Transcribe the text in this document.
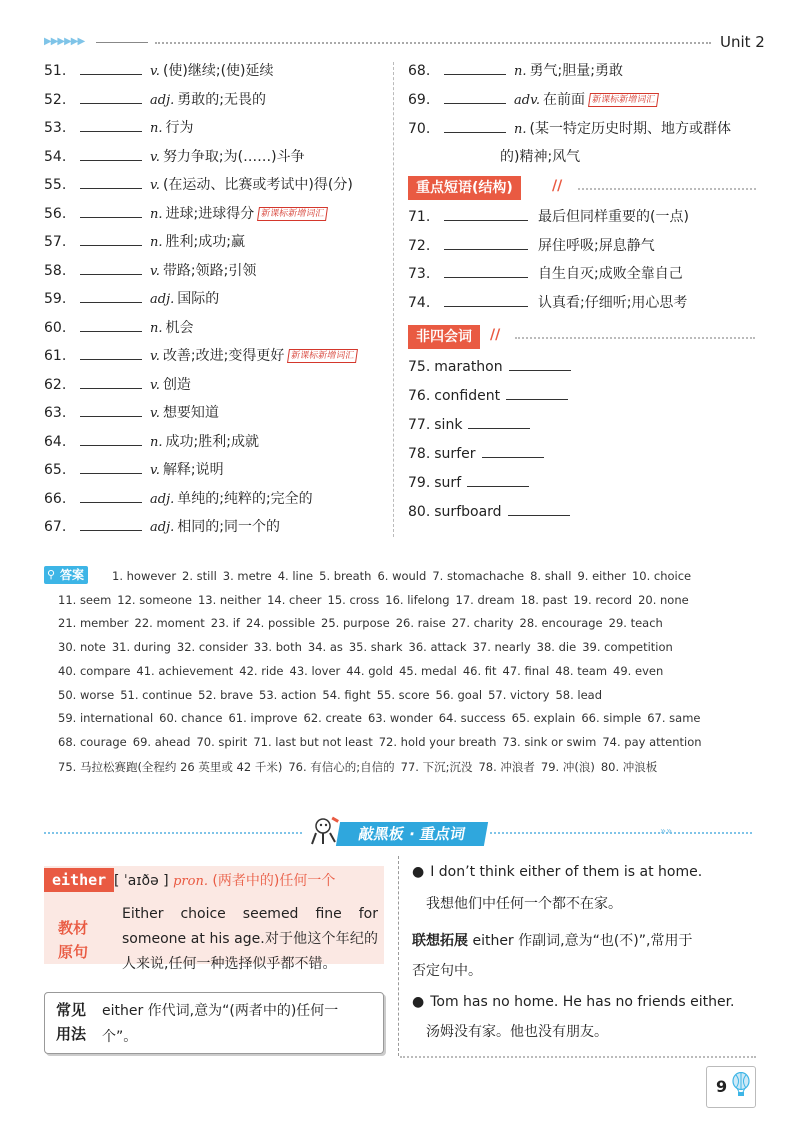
▶▶▶▶▶▶	Unit 2
51.	v. (使)继续;(使)延续
52.	adj. 勇敢的;无畏的
53.	n. 行为
54.	v. 努力争取;为(……)斗争
55.	v. (在运动、比赛或考试中)得(分)
56.	n. 进球;进球得分 新课标新增词汇
57.	n. 胜利;成功;赢
58.	v. 带路;领路;引领
59.	adj. 国际的
60.	n. 机会
61.	v. 改善;改进;变得更好 新课标新增词汇
62.	v. 创造
63.	v. 想要知道
64.	n. 成功;胜利;成就
65.	v. 解释;说明
66.	adj. 单纯的;纯粹的;完全的
67.	adj. 相同的;同一个的
68.	n. 勇气;胆量;勇敢
69.	adv. 在前面 新课标新增词汇
70.	n. (某一特定历史时期、地方或群体
的)精神;风气
重点短语(结构)	//
71.	最后但同样重要的(一点)
72.	屏住呼吸;屏息静气
73.	自生自灭;成败全靠自己
74.	认真看;仔细听;用心思考
非四会词	//
75. marathon
76. confident
77. sink
78. surfer
79. surf
80. surfboard
⚲ 答案	1. however 2. still 3. metre 4. line 5. breath 6. would 7. stomachache 8. shall 9. either 10. choice
11. seem 12. someone 13. neither 14. cheer 15. cross 16. lifelong 17. dream 18. past 19. record 20. none
21. member 22. moment 23. if 24. possible 25. purpose 26. raise 27. charity 28. encourage 29. teach
30. note 31. during 32. consider 33. both 34. as 35. shark 36. attack 37. nearly 38. die 39. competition
40. compare 41. achievement 42. ride 43. lover 44. gold 45. medal 46. fit 47. final 48. team 49. even
50. worse 51. continue 52. brave 53. action 54. fight 55. score 56. goal 57. victory 58. lead
59. international 60. chance 61. improve 62. create 63. wonder 64. success 65. explain 66. simple 67. same
68. courage 69. ahead 70. spirit 71. last but not least 72. hold your breath 73. sink or swim 74. pay attention
75. 马拉松赛跑(全程约 26 英里或 42 千米) 76. 有信心的;自信的 77. 下沉;沉没 78. 冲浪者 79. 冲(浪) 80. 冲浪板
敲黑板 · 重点词	»»
either [ ˈaɪðə ] pron. (两者中的)任何一个
教材原句
Either choice seemed fine for someone at his age.对于他这个年纪的人来说,任何一种选择似乎都不错。
常见用法
either 作代词,意为“(两者中的)任何一
个”。
● I don’t think either of them is at home.
我想他们中任何一个都不在家。
联想拓展 either 作副词,意为“也(不)”,常用于
否定句中。
● Tom has no home. He has no friends either.
汤姆没有家。他也没有朋友。
9
